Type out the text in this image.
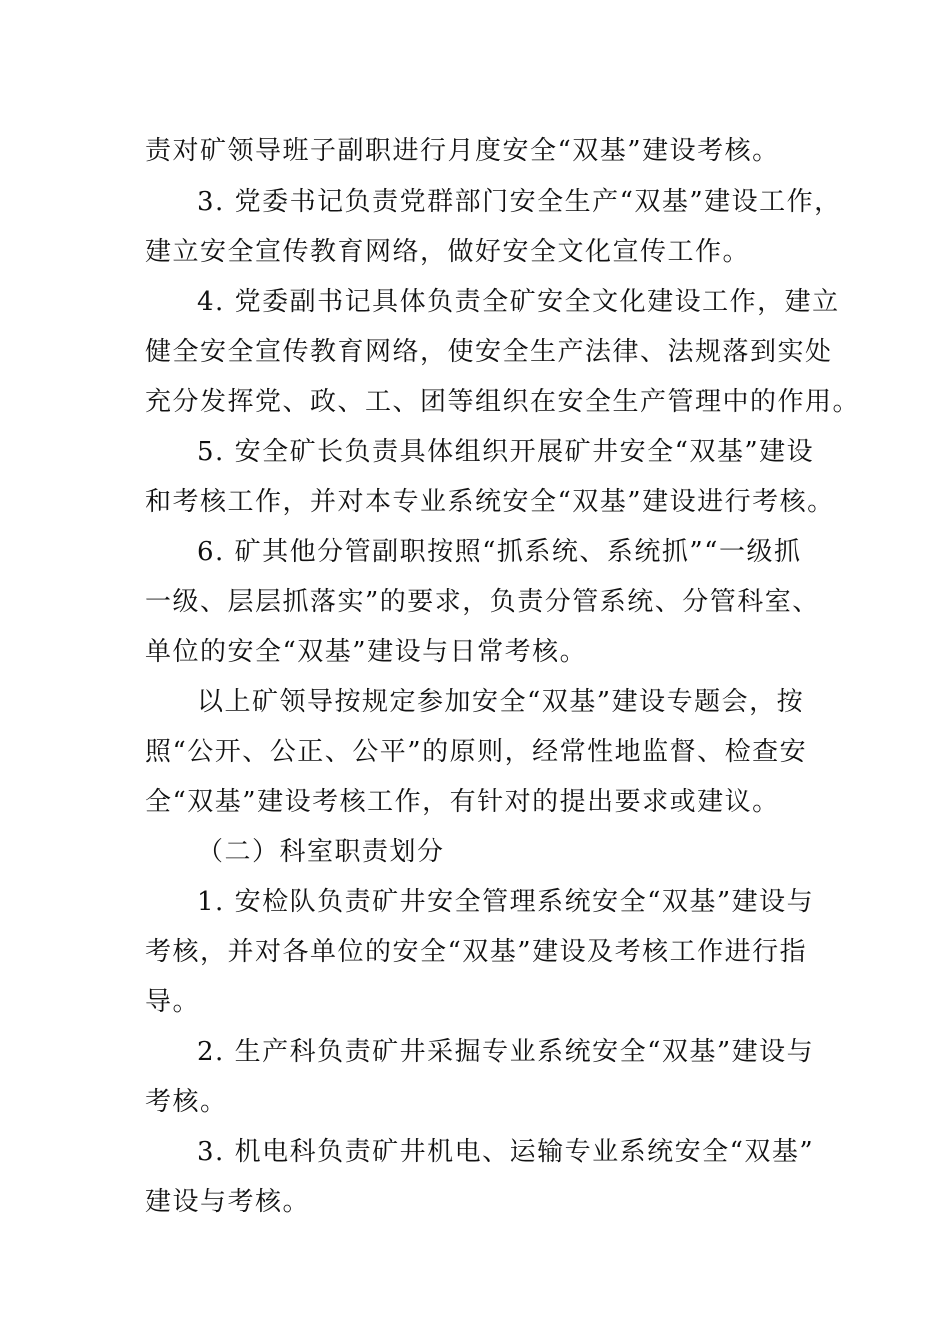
责对矿领导班子副职进行月度安全“双基”建设考核。
3. 党委书记负责党群部门安全生产“双基”建设工作，
建立安全宣传教育网络，做好安全文化宣传工作。
4. 党委副书记具体负责全矿安全文化建设工作，建立
健全安全宣传教育网络，使安全生产法律、法规落到实处
充分发挥党、政、工、团等组织在安全生产管理中的作用。
5. 安全矿长负责具体组织开展矿井安全“双基”建设
和考核工作，并对本专业系统安全“双基”建设进行考核。
6. 矿其他分管副职按照“抓系统、系统抓”“一级抓
一级、层层抓落实”的要求，负责分管系统、分管科室、
单位的安全“双基”建设与日常考核。
以上矿领导按规定参加安全“双基”建设专题会，按
照“公开、公正、公平”的原则，经常性地监督、检查安
全“双基”建设考核工作，有针对的提出要求或建议。
（二）科室职责划分
1. 安检队负责矿井安全管理系统安全“双基”建设与
考核，并对各单位的安全“双基”建设及考核工作进行指
导。
2. 生产科负责矿井采掘专业系统安全“双基”建设与
考核。
3. 机电科负责矿井机电、运输专业系统安全“双基”
建设与考核。
